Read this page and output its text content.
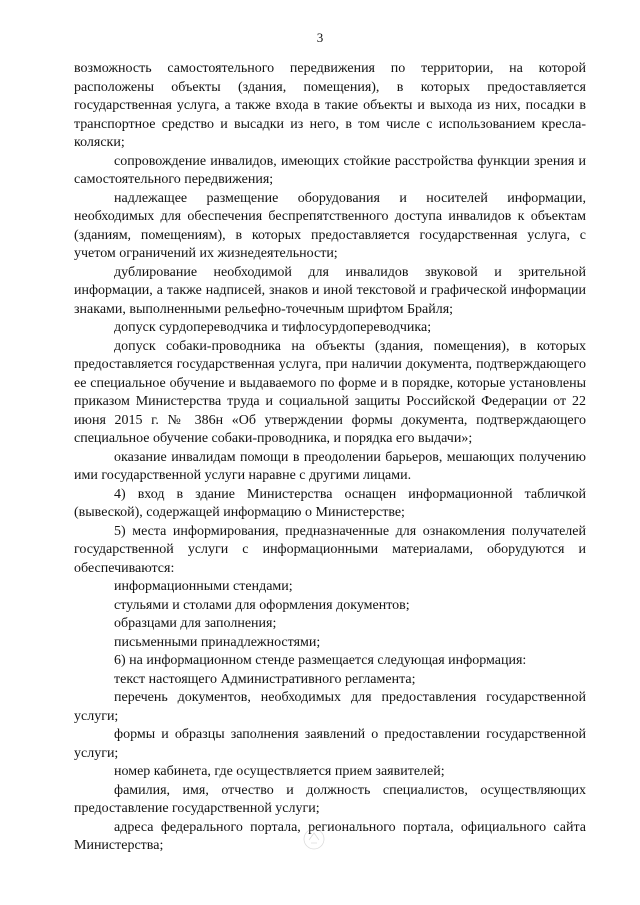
3

возможность самостоятельного передвижения по территории, на которой расположены объекты (здания, помещения), в которых предоставляется государственная услуга, а также входа в такие объекты и выхода из них, посадки в транспортное средство и высадки из него, в том числе с использованием кресла-коляски;

сопровождение инвалидов, имеющих стойкие расстройства функции зрения и самостоятельного передвижения;

надлежащее размещение оборудования и носителей информации, необходимых для обеспечения беспрепятственного доступа инвалидов к объектам (зданиям, помещениям), в которых предоставляется государственная услуга, с учетом ограничений их жизнедеятельности;

дублирование необходимой для инвалидов звуковой и зрительной информации, а также надписей, знаков и иной текстовой и графической информации знаками, выполненными рельефно-точечным шрифтом Брайля;

допуск сурдопереводчика и тифлосурдопереводчика;

допуск собаки-проводника на объекты (здания, помещения), в которых предоставляется государственная услуга, при наличии документа, подтверждающего ее специальное обучение и выдаваемого по форме и в порядке, которые установлены приказом Министерства труда и социальной защиты Российской Федерации от 22 июня 2015 г. № 386н «Об утверждении формы документа, подтверждающего специальное обучение собаки-проводника, и порядка его выдачи»;

оказание инвалидам помощи в преодолении барьеров, мешающих получению ими государственной услуги наравне с другими лицами.

4) вход в здание Министерства оснащен информационной табличкой (вывеской), содержащей информацию о Министерстве;

5) места информирования, предназначенные для ознакомления получателей государственной услуги с информационными материалами, оборудуются и обеспечиваются:

информационными стендами;

стульями и столами для оформления документов;

образцами для заполнения;

письменными принадлежностями;

6) на информационном стенде размещается следующая информация:

текст настоящего Административного регламента;

перечень документов, необходимых для предоставления государственной услуги;

формы и образцы заполнения заявлений о предоставлении государственной услуги;

номер кабинета, где осуществляется прием заявителей;

фамилия, имя, отчество и должность специалистов, осуществляющих предоставление государственной услуги;

адреса федерального портала, регионального портала, официального сайта Министерства;
